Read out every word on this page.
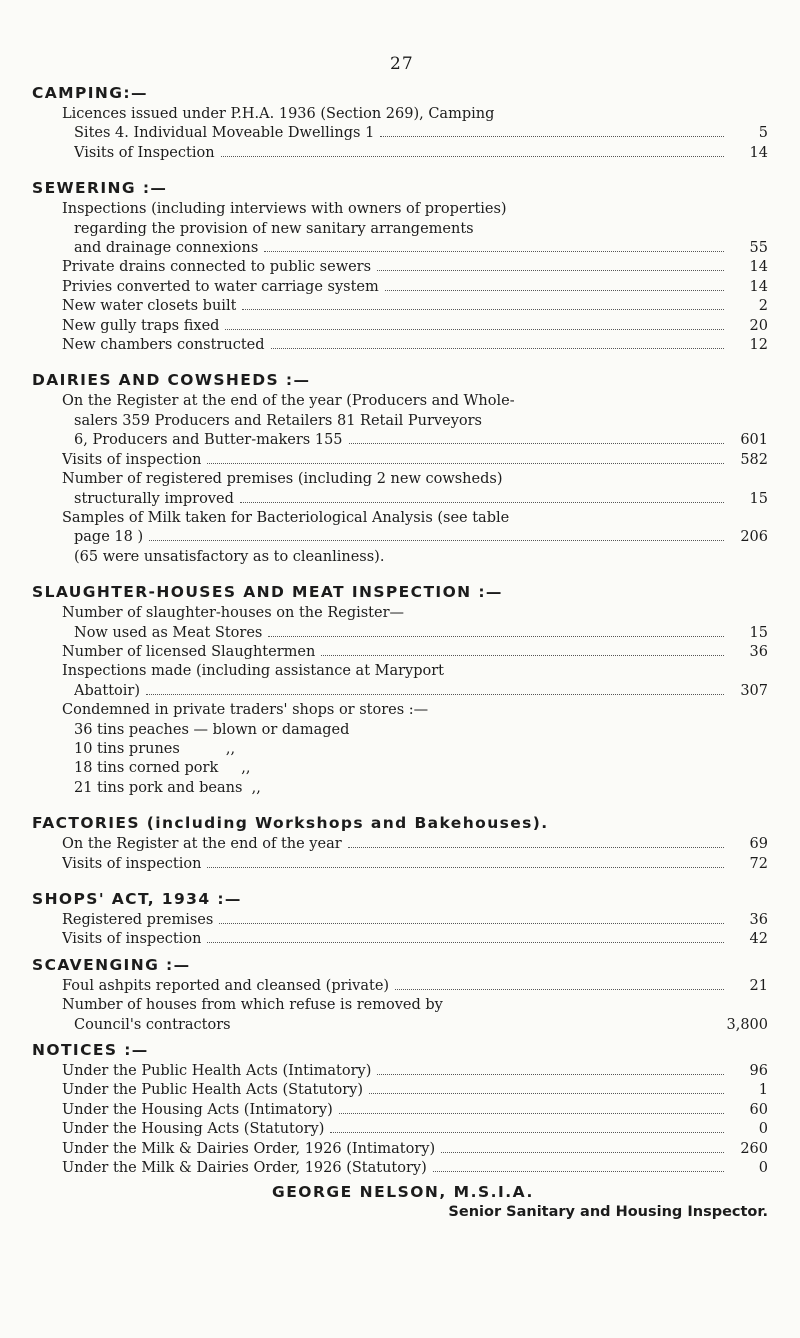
27
CAMPING:—
Licences issued under P.H.A. 1936 (Section 269), Camping
Sites 4. Individual Moveable Dwellings 1	5
Visits of Inspection	14
SEWERING :—
Inspections (including interviews with owners of properties)
regarding the provision of new sanitary arrangements
and drainage connexions	55
Private drains connected to public sewers	14
Privies converted to water carriage system	14
New water closets built	2
New gully traps fixed	20
New chambers constructed	12
DAIRIES AND COWSHEDS :—
On the Register at the end of the year (Producers and Whole-
salers 359 Producers and Retailers 81 Retail Purveyors
6, Producers and Butter-makers 155	601
Visits of inspection	582
Number of registered premises (including 2 new cowsheds)
structurally improved	15
Samples of Milk taken for Bacteriological Analysis (see table
page 18 )	206
(65 were unsatisfactory as to cleanliness).
SLAUGHTER-HOUSES AND MEAT INSPECTION :—
Number of slaughter-houses on the Register—
Now used as Meat Stores	15
Number of licensed Slaughtermen	36
Inspections made (including assistance at Maryport
Abattoir)	307
Condemned in private traders' shops or stores :—
36 tins peaches — blown or damaged
10 tins prunes          ,,
18 tins corned pork     ,,
21 tins pork and beans  ,,
FACTORIES (including Workshops and Bakehouses).
On the Register at the end of the year	69
Visits of inspection	72
SHOPS' ACT, 1934 :—
Registered premises	36
Visits of inspection	42
SCAVENGING :—
Foul ashpits reported and cleansed (private)	21
Number of houses from which refuse is removed by
Council's contractors	3,800
NOTICES :—
Under the Public Health Acts (Intimatory)	96
Under the Public Health Acts (Statutory)	1
Under the Housing Acts (Intimatory)	60
Under the Housing Acts (Statutory)	0
Under the Milk & Dairies Order, 1926 (Intimatory)	260
Under the Milk & Dairies Order, 1926 (Statutory)	0
GEORGE NELSON, M.S.I.A.
Senior Sanitary and Housing Inspector.
